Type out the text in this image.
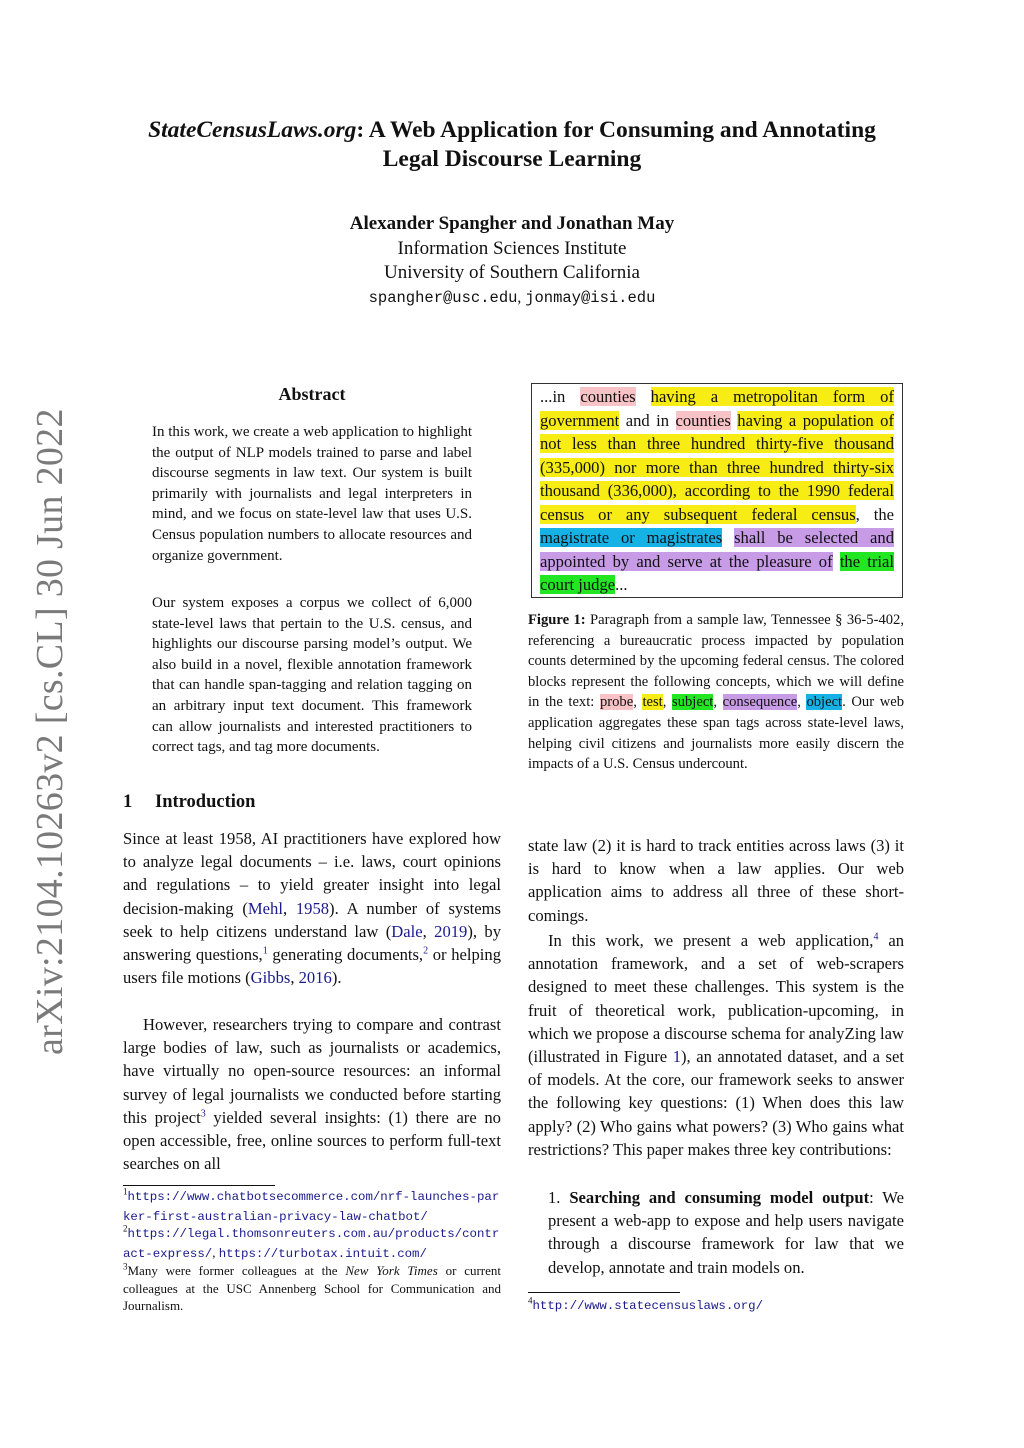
arXiv:2104.10263v2 [cs.CL] 30 Jun 2022
StateCensusLaws.org: A Web Application for Consuming and Annotating
Legal Discourse Learning
Alexander Spangher and Jonathan May
Information Sciences Institute
University of Southern California
spangher@usc.edu, jonmay@isi.edu
Abstract
In this work, we create a web application to highlight the output of NLP models trained to parse and label discourse segments in law text. Our system is built primarily with journalists and legal interpreters in mind, and we focus on state-level law that uses U.S. Census population numbers to allocate resources and organize government.
Our system exposes a corpus we collect of 6,000 state-level laws that pertain to the U.S. census, and highlights our discourse parsing model’s output. We also build in a novel, flexible annotation framework that can handle span-tagging and relation tagging on an arbitrary input text document. This framework can allow journalists and interested practitioners to correct tags, and tag more documents.
1 Introduction
Since at least 1958, AI practitioners have explored how to analyze legal documents – i.e. laws, court opinions and regulations – to yield greater insight into legal decision-making (Mehl, 1958). A number of systems seek to help citizens understand law (Dale, 2019), by answering questions,$^1$ generating documents,$^2$ or helping users file motions (Gibbs, 2016).
However, researchers trying to compare and contrast large bodies of law, such as journalists or academics, have virtually no open-source resources: an informal survey of legal journalists we conducted before starting this project$^3$ yielded several insights: (1) there are no open accessible, free, online sources to perform full-text searches on all
$^1$https://www.chatbotsecommerce.com/nrf-launches-parker-first-australian-privacy-law-chatbot/
$^2$https://legal.thomsonreuters.com.au/products/contract-express/, https://turbotax.intuit.com/
$^3$Many were former colleagues at the New York Times or current colleagues at the USC Annenberg School for Communication and Journalism.
...in counties having a metropolitan form of government and in counties having a population of not less than three hundred thirty-five thousand (335,000) nor more than three hundred thirty-six thousand (336,000), according to the 1990 federal census or any subsequent federal census, the magistrate or magistrates shall be selected and appointed by and serve at the pleasure of the trial court judge...
Figure 1: Paragraph from a sample law, Tennessee § 36-5-402, referencing a bureaucratic process impacted by population counts determined by the upcoming federal census. The colored blocks represent the following concepts, which we will define in the text: probe, test, subject, consequence, object. Our web application aggregates these span tags across state-level laws, helping civil citizens and journalists more easily discern the impacts of a U.S. Census undercount.
state law (2) it is hard to track entities across laws (3) it is hard to know when a law applies. Our web application aims to address all three of these short-comings.
In this work, we present a web application,$^4$ an annotation framework, and a set of web-scrapers designed to meet these challenges. This system is the fruit of theoretical work, publication-upcoming, in which we propose a discourse schema for analyZing law (illustrated in Figure 1), an annotated dataset, and a set of models. At the core, our framework seeks to answer the following key questions: (1) When does this law apply? (2) Who gains what powers? (3) Who gains what restrictions? This paper makes three key contributions:
1. Searching and consuming model output: We present a web-app to expose and help users navigate through a discourse framework for law that we develop, annotate and train models on.
$^4$http://www.statecensuslaws.org/
